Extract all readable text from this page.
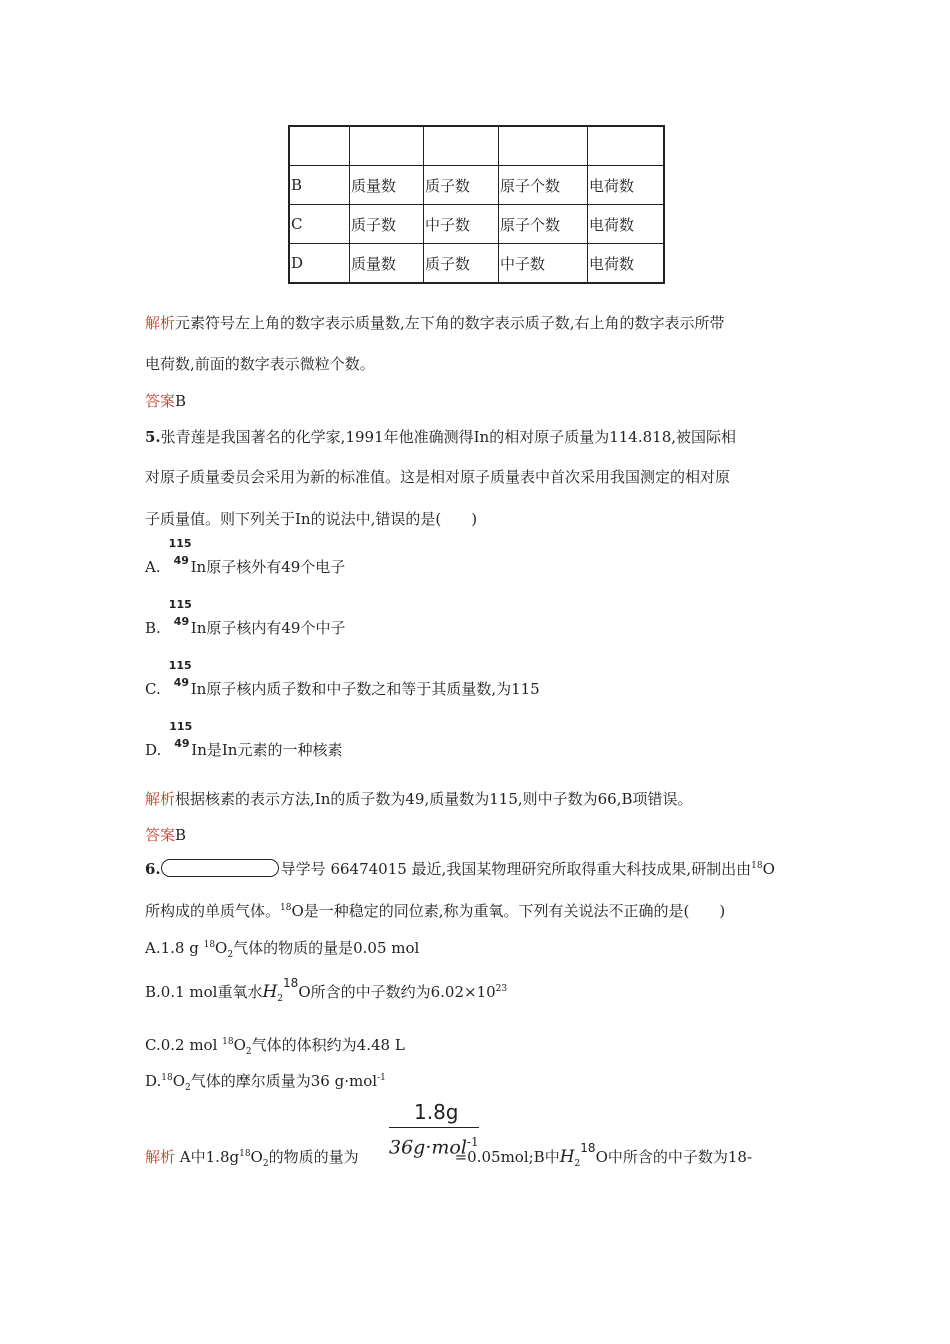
B	质量数	质子数	原子个数	电荷数
C	质子数	中子数	原子个数	电荷数
D	质量数	质子数	中子数	电荷数
解析元素符号左上角的数字表示质量数,左下角的数字表示质子数,右上角的数字表示所带
电荷数,前面的数字表示微粒个数。
答案B
5.张青莲是我国著名的化学家,1991年他准确测得In的相对原子质量为114.818,被国际相
对原子质量委员会采用为新的标准值。这是相对原子质量表中首次采用我国测定的相对原
子质量值。则下列关于In的说法中,错误的是(　　)
A.
115
49 In原子核外有49个电子
B.
115
49 In原子核内有49个中子
C.
115
49 In原子核内质子数和中子数之和等于其质量数,为115
D.
115
49 In是In元素的一种核素
解析根据核素的表示方法,In的质子数为49,质量数为115,则中子数为66,B项错误。
答案B
6.	导学号 66474015 最近,我国某物理研究所取得重大科技成果,研制出由$^{18}$O
所构成的单质气体。$^{18}$O是一种稳定的同位素,称为重氧。下列有关说法不正确的是(　　)
A.1.8 g $^{18}O_2$气体的物质的量是0.05 mol
B.0.1 mol重氧水$H_2^{18}O$所含的中子数约为$6.02\times 10^{23}$
C.0.2 mol $^{18}O_2$气体的体积约为4.48 L
$D.^{18}O_2$气体的摩尔质量为36 g·mol$^{-1}$
1.8g
36g·mol$^{-1}$
解析 A中$1.8g^{18}O_2$的物质的量为	=0.05mol;B中$H_2^{18}O$中所含的中子数为18-
